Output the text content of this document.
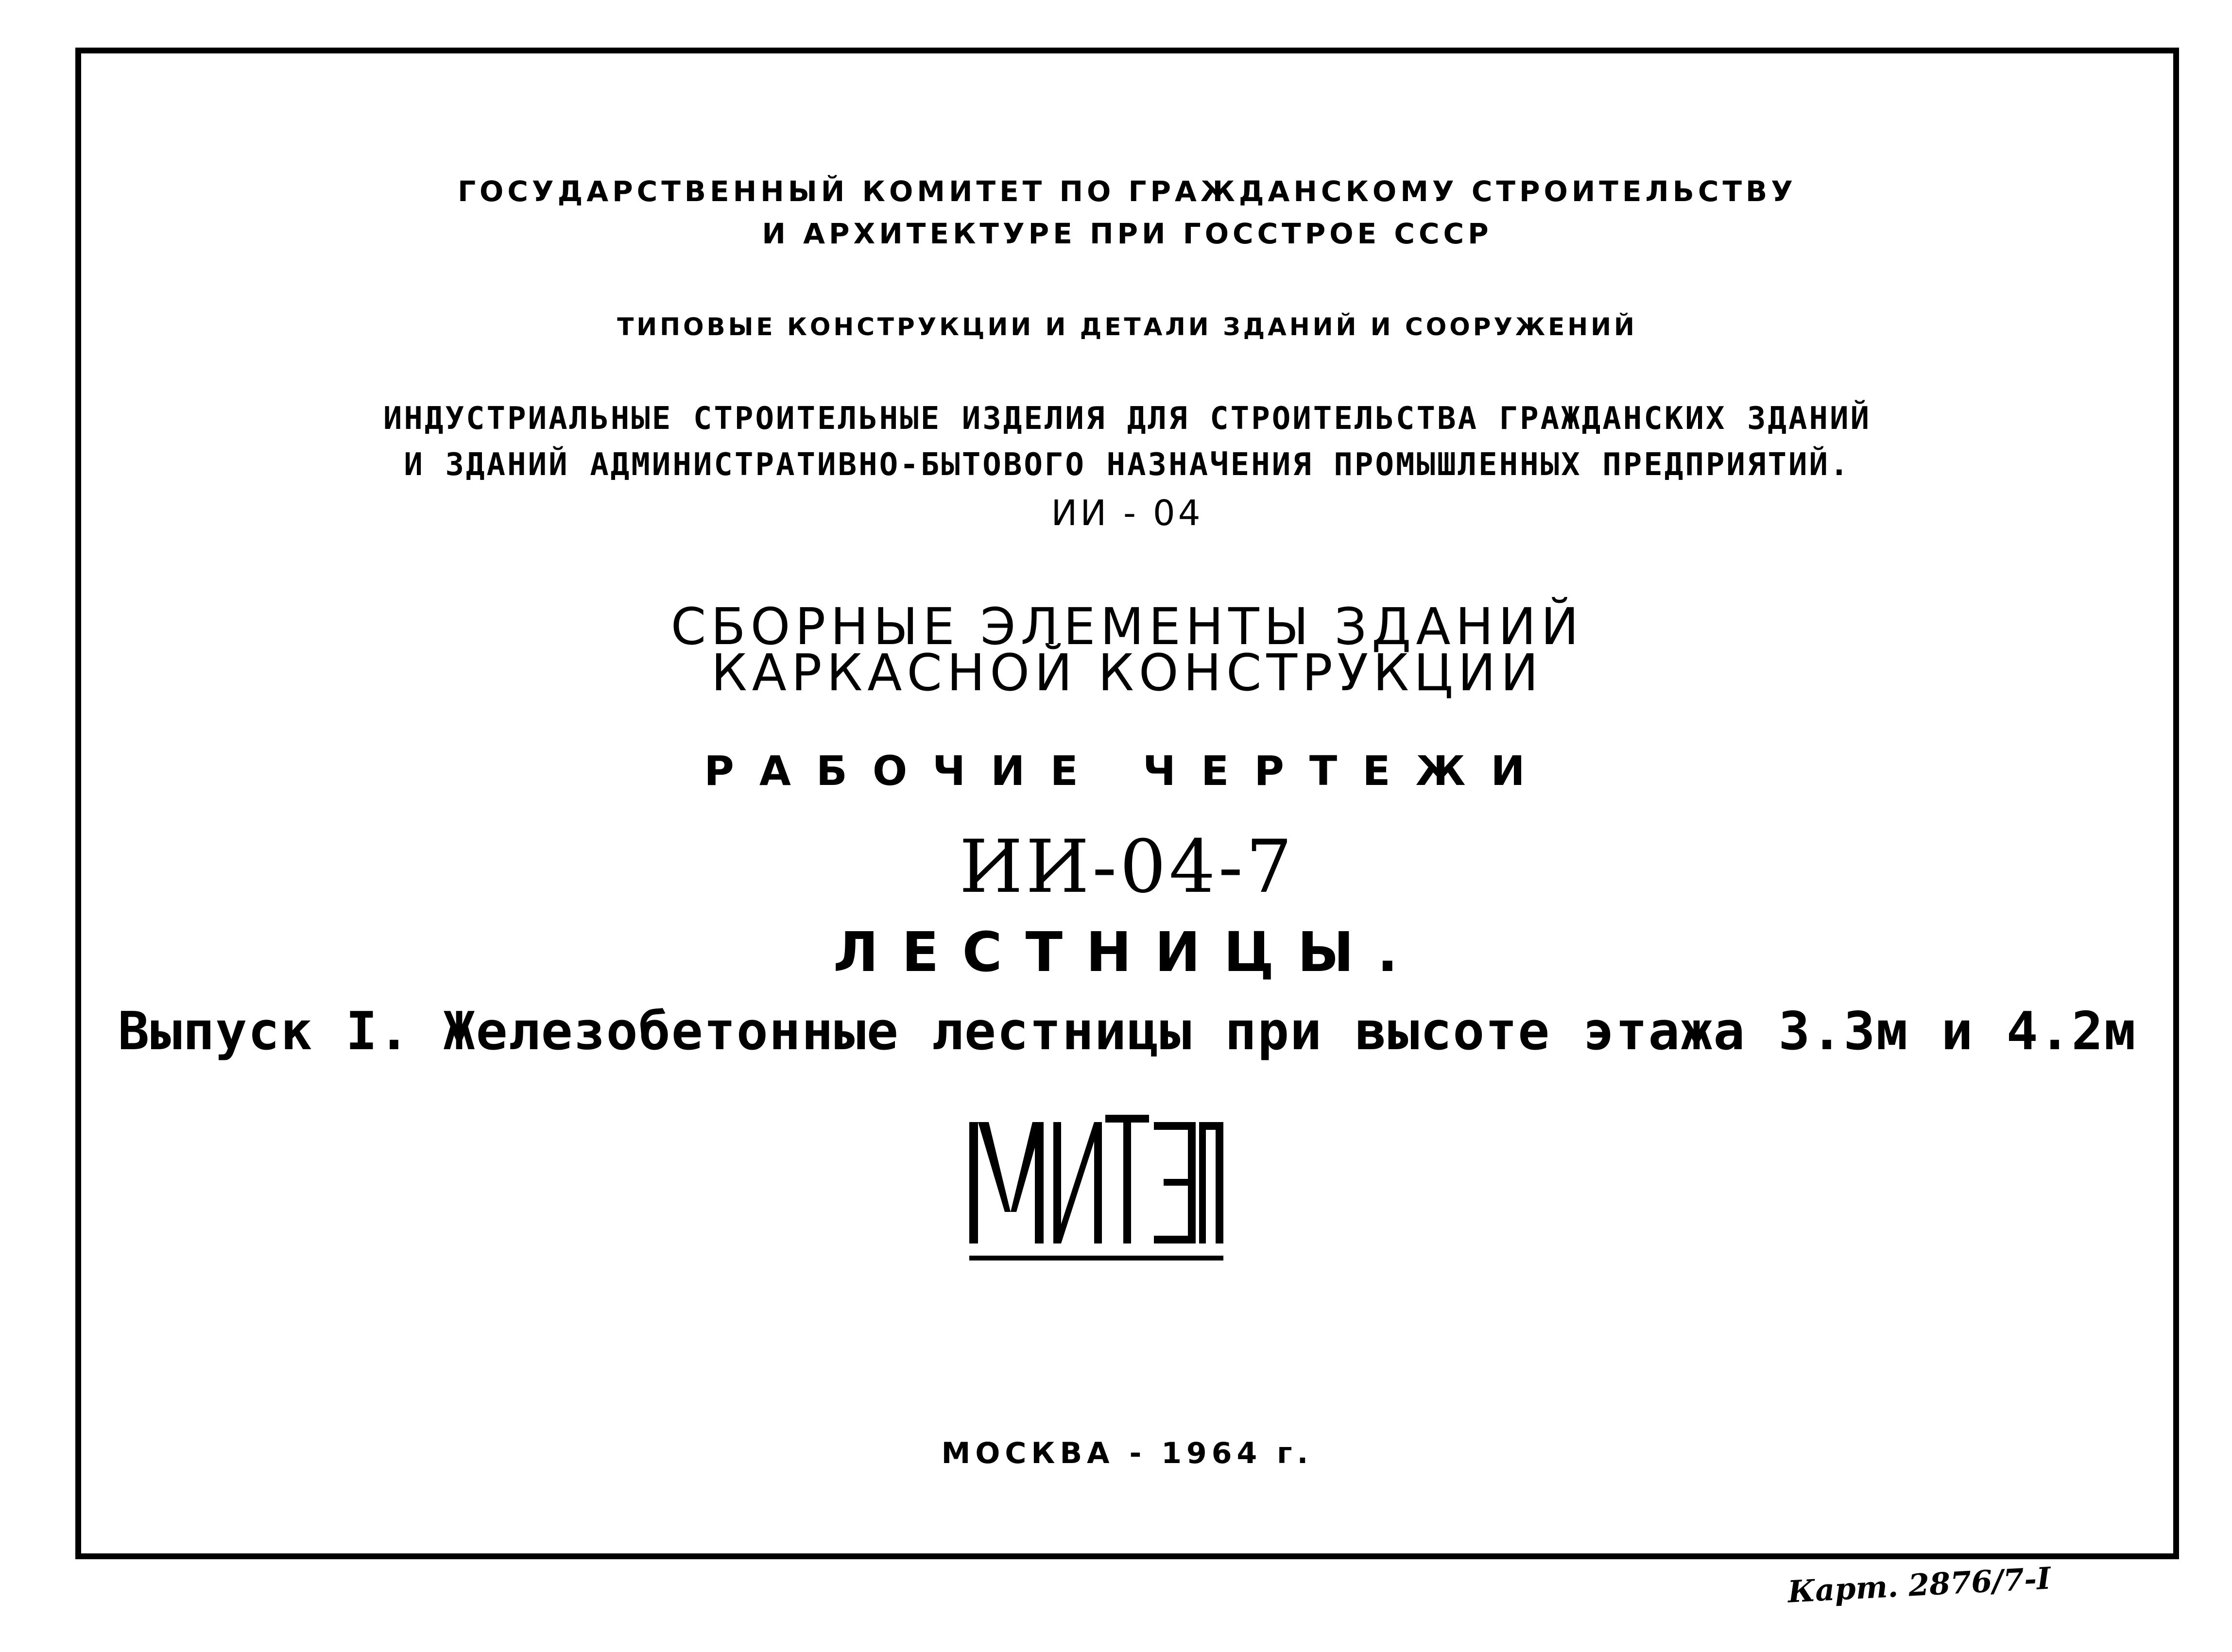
ГОСУДАРСТВЕННЫЙ КОМИТЕТ ПО ГРАЖДАНСКОМУ СТРОИТЕЛЬСТВУ
И АРХИТЕКТУРЕ ПРИ ГОССТРОЕ СССР
ТИПОВЫЕ КОНСТРУКЦИИ И ДЕТАЛИ ЗДАНИЙ И СООРУЖЕНИЙ
ИНДУСТРИАЛЬНЫЕ СТРОИТЕЛЬНЫЕ ИЗДЕЛИЯ ДЛЯ СТРОИТЕЛЬСТВА ГРАЖДАНСКИХ ЗДАНИЙ
И ЗДАНИЙ АДМИНИСТРАТИВНО-БЫТОВОГО НАЗНАЧЕНИЯ ПРОМЫШЛЕННЫХ ПРЕДПРИЯТИЙ.
ИИ - 04
СБОРНЫЕ ЭЛЕМЕНТЫ ЗДАНИЙ
КАРКАСНОЙ КОНСТРУКЦИИ
РАБОЧИЕ ЧЕРТЕЖИ
ИИ-04-7
ЛЕСТНИЦЫ.
Выпуск I. Железобетонные лестницы при высоте этажа 3.3м и 4.2м
МОСКВА - 1964 г.
Карт. 2876/7-I
